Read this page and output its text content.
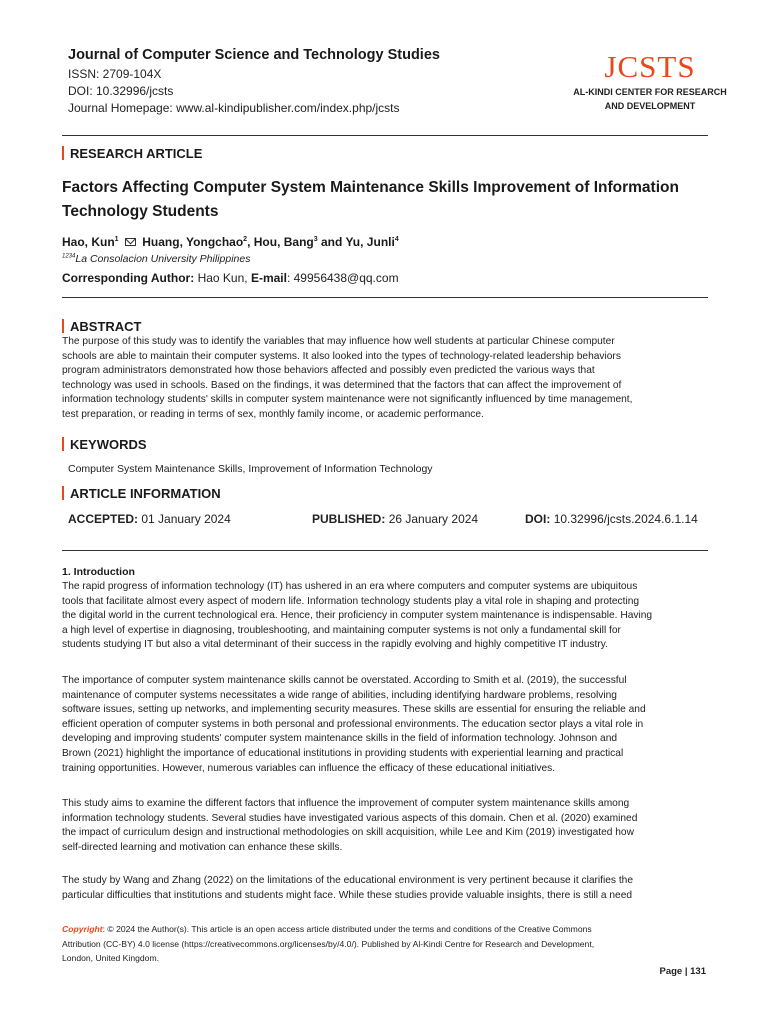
Journal of Computer Science and Technology Studies
ISSN: 2709-104X
DOI: 10.32996/jcsts
Journal Homepage: www.al-kindipublisher.com/index.php/jcsts
JCSTS
AL-KINDI CENTER FOR RESEARCH
AND DEVELOPMENT
RESEARCH ARTICLE
Factors Affecting Computer System Maintenance Skills Improvement of Information
Technology Students
Hao, Kun$^1$ Huang, Yongchao$^2$, Hou, Bang$^3$ and Yu, Junli$^4$
$^{1234}$La Consolacion University Philippines
Corresponding Author: Hao Kun, E-mail: 49956438@qq.com
ABSTRACT
The purpose of this study was to identify the variables that may influence how well students at particular Chinese computer
schools are able to maintain their computer systems. It also looked into the types of technology-related leadership behaviors
program administrators demonstrated how those behaviors affected and possibly even predicted the various ways that
technology was used in schools. Based on the findings, it was determined that the factors that can affect the improvement of
information technology students' skills in computer system maintenance were not significantly influenced by time management,
test preparation, or reading in terms of sex, monthly family income, or academic performance.
KEYWORDS
Computer System Maintenance Skills, Improvement of Information Technology
ARTICLE INFORMATION
ACCEPTED: 01 January 2024	PUBLISHED: 26 January 2024	DOI: 10.32996/jcsts.2024.6.1.14
1. Introduction
The rapid progress of information technology (IT) has ushered in an era where computers and computer systems are ubiquitous
tools that facilitate almost every aspect of modern life. Information technology students play a vital role in shaping and protecting
the digital world in the current technological era. Hence, their proficiency in computer system maintenance is indispensable. Having
a high level of expertise in diagnosing, troubleshooting, and maintaining computer systems is not only a fundamental skill for
students studying IT but also a vital determinant of their success in the rapidly evolving and highly competitive IT industry.
The importance of computer system maintenance skills cannot be overstated. According to Smith et al. (2019), the successful
maintenance of computer systems necessitates a wide range of abilities, including identifying hardware problems, resolving
software issues, setting up networks, and implementing security measures. These skills are essential for ensuring the reliable and
efficient operation of computer systems in both personal and professional environments. The education sector plays a vital role in
developing and improving students' computer system maintenance skills in the field of information technology. Johnson and
Brown (2021) highlight the importance of educational institutions in providing students with experiential learning and practical
training opportunities. However, numerous variables can influence the efficacy of these educational initiatives.
This study aims to examine the different factors that influence the improvement of computer system maintenance skills among
information technology students. Several studies have investigated various aspects of this domain. Chen et al. (2020) examined
the impact of curriculum design and instructional methodologies on skill acquisition, while Lee and Kim (2019) investigated how
self-directed learning and motivation can enhance these skills.
The study by Wang and Zhang (2022) on the limitations of the educational environment is very pertinent because it clarifies the
particular difficulties that institutions and students might face. While these studies provide valuable insights, there is still a need
Copyright: © 2024 the Author(s). This article is an open access article distributed under the terms and conditions of the Creative Commons
Attribution (CC-BY) 4.0 license (https://creativecommons.org/licenses/by/4.0/). Published by Al-Kindi Centre for Research and Development,
London, United Kingdom.
Page | 131
